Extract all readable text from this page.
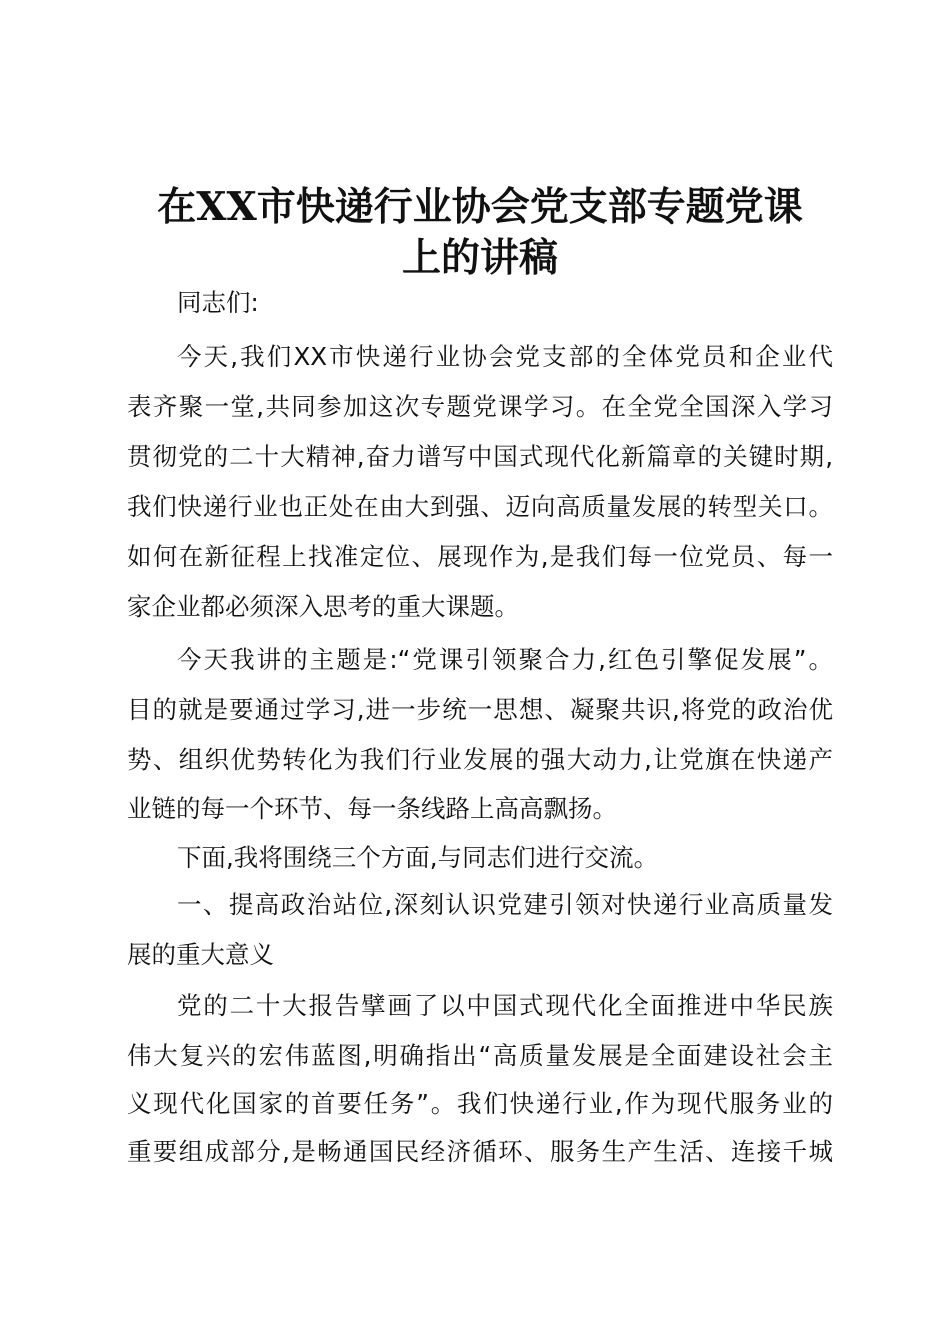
在XX市快递行业协会党支部专题党课
上的讲稿
同志们:
今天,我们XX市快递行业协会党支部的全体党员和企业代
表齐聚一堂,共同参加这次专题党课学习。在全党全国深入学习
贯彻党的二十大精神,奋力谱写中国式现代化新篇章的关键时期,
我们快递行业也正处在由大到强、迈向高质量发展的转型关口。
如何在新征程上找准定位、展现作为,是我们每一位党员、每一
家企业都必须深入思考的重大课题。
今天我讲的主题是:“党课引领聚合力,红色引擎促发展”。
目的就是要通过学习,进一步统一思想、凝聚共识,将党的政治优
势、组织优势转化为我们行业发展的强大动力,让党旗在快递产
业链的每一个环节、每一条线路上高高飘扬。
下面,我将围绕三个方面,与同志们进行交流。
一、提高政治站位,深刻认识党建引领对快递行业高质量发
展的重大意义
党的二十大报告擘画了以中国式现代化全面推进中华民族
伟大复兴的宏伟蓝图,明确指出“高质量发展是全面建设社会主
义现代化国家的首要任务”。我们快递行业,作为现代服务业的
重要组成部分,是畅通国民经济循环、服务生产生活、连接千城
